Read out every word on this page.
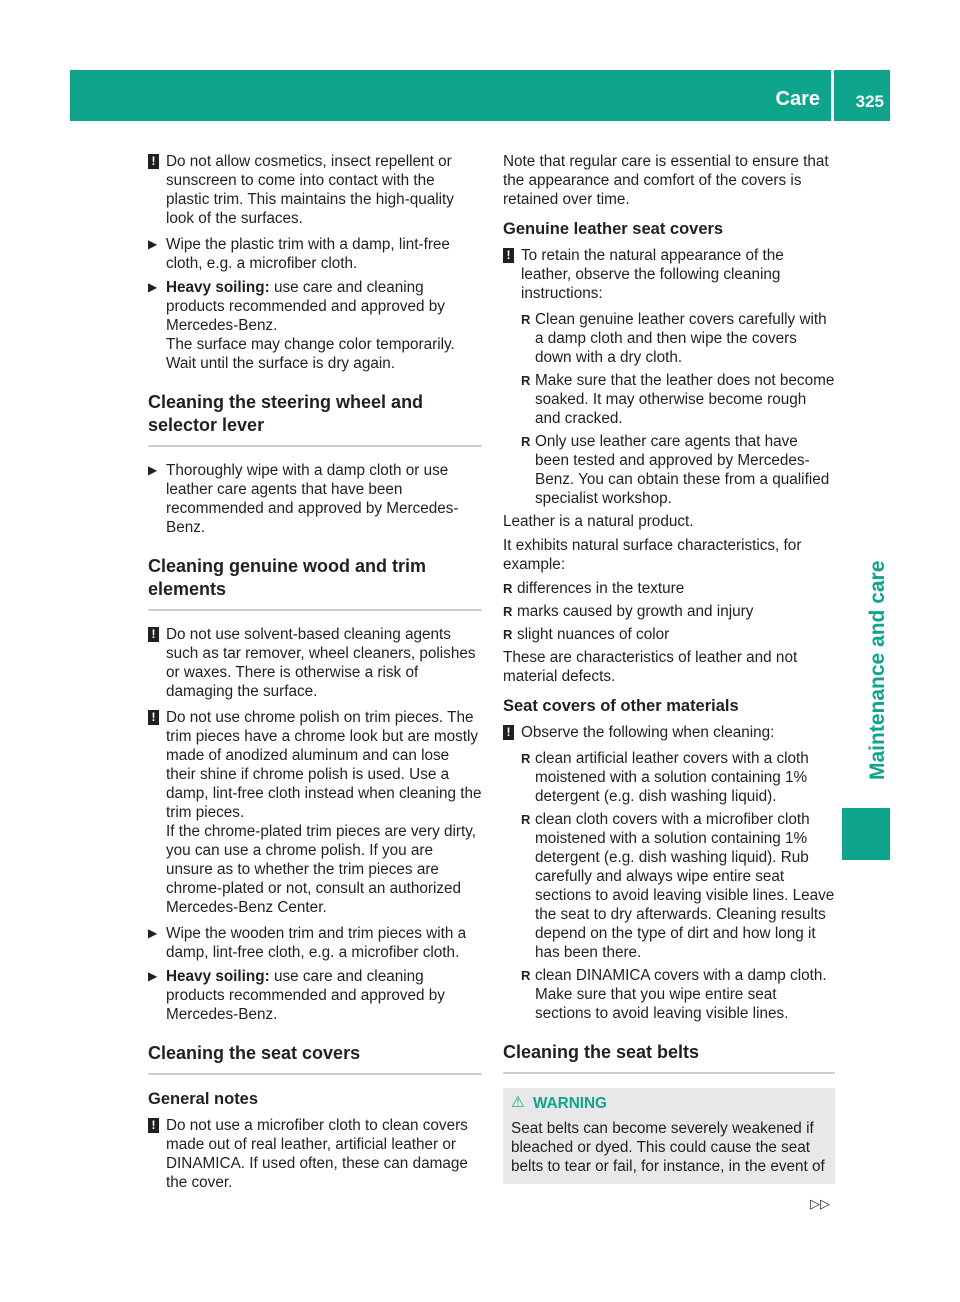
Care 325
Maintenance and care
! Do not allow cosmetics, insect repellent or sunscreen to come into contact with the plastic trim. This maintains the high-quality look of the surfaces.
▶ Wipe the plastic trim with a damp, lint-free cloth, e.g. a microfiber cloth.
▶ Heavy soiling: use care and cleaning products recommended and approved by Mercedes-Benz.
The surface may change color temporarily. Wait until the surface is dry again.
Cleaning the steering wheel and selector lever
▶ Thoroughly wipe with a damp cloth or use leather care agents that have been recommended and approved by Mercedes-Benz.
Cleaning genuine wood and trim elements
! Do not use solvent-based cleaning agents such as tar remover, wheel cleaners, polishes or waxes. There is otherwise a risk of damaging the surface.
! Do not use chrome polish on trim pieces. The trim pieces have a chrome look but are mostly made of anodized aluminum and can lose their shine if chrome polish is used. Use a damp, lint-free cloth instead when cleaning the trim pieces.
If the chrome-plated trim pieces are very dirty, you can use a chrome polish. If you are unsure as to whether the trim pieces are chrome-plated or not, consult an authorized Mercedes-Benz Center.
▶ Wipe the wooden trim and trim pieces with a damp, lint-free cloth, e.g. a microfiber cloth.
▶ Heavy soiling: use care and cleaning products recommended and approved by Mercedes-Benz.
Cleaning the seat covers
General notes
! Do not use a microfiber cloth to clean covers made out of real leather, artificial leather or DINAMICA. If used often, these can damage the cover.

Note that regular care is essential to ensure that the appearance and comfort of the covers is retained over time.

Genuine leather seat covers
! To retain the natural appearance of the leather, observe the following cleaning instructions:
R Clean genuine leather covers carefully with a damp cloth and then wipe the covers down with a dry cloth.
R Make sure that the leather does not become soaked. It may otherwise become rough and cracked.
R Only use leather care agents that have been tested and approved by Mercedes-Benz. You can obtain these from a qualified specialist workshop.

Leather is a natural product.

It exhibits natural surface characteristics, for example:

R differences in the texture
R marks caused by growth and injury
R slight nuances of color

These are characteristics of leather and not material defects.

Seat covers of other materials
! Observe the following when cleaning:
R clean artificial leather covers with a cloth moistened with a solution containing 1% detergent (e.g. dish washing liquid).
R clean cloth covers with a microfiber cloth moistened with a solution containing 1% detergent (e.g. dish washing liquid). Rub carefully and always wipe entire seat sections to avoid leaving visible lines. Leave the seat to dry afterwards. Cleaning results depend on the type of dirt and how long it has been there.
R clean DINAMICA covers with a damp cloth. Make sure that you wipe entire seat sections to avoid leaving visible lines.
Cleaning the seat belts
⚠ WARNING
Seat belts can become severely weakened if bleached or dyed. This could cause the seat belts to tear or fail, for instance, in the event of
▷▷
